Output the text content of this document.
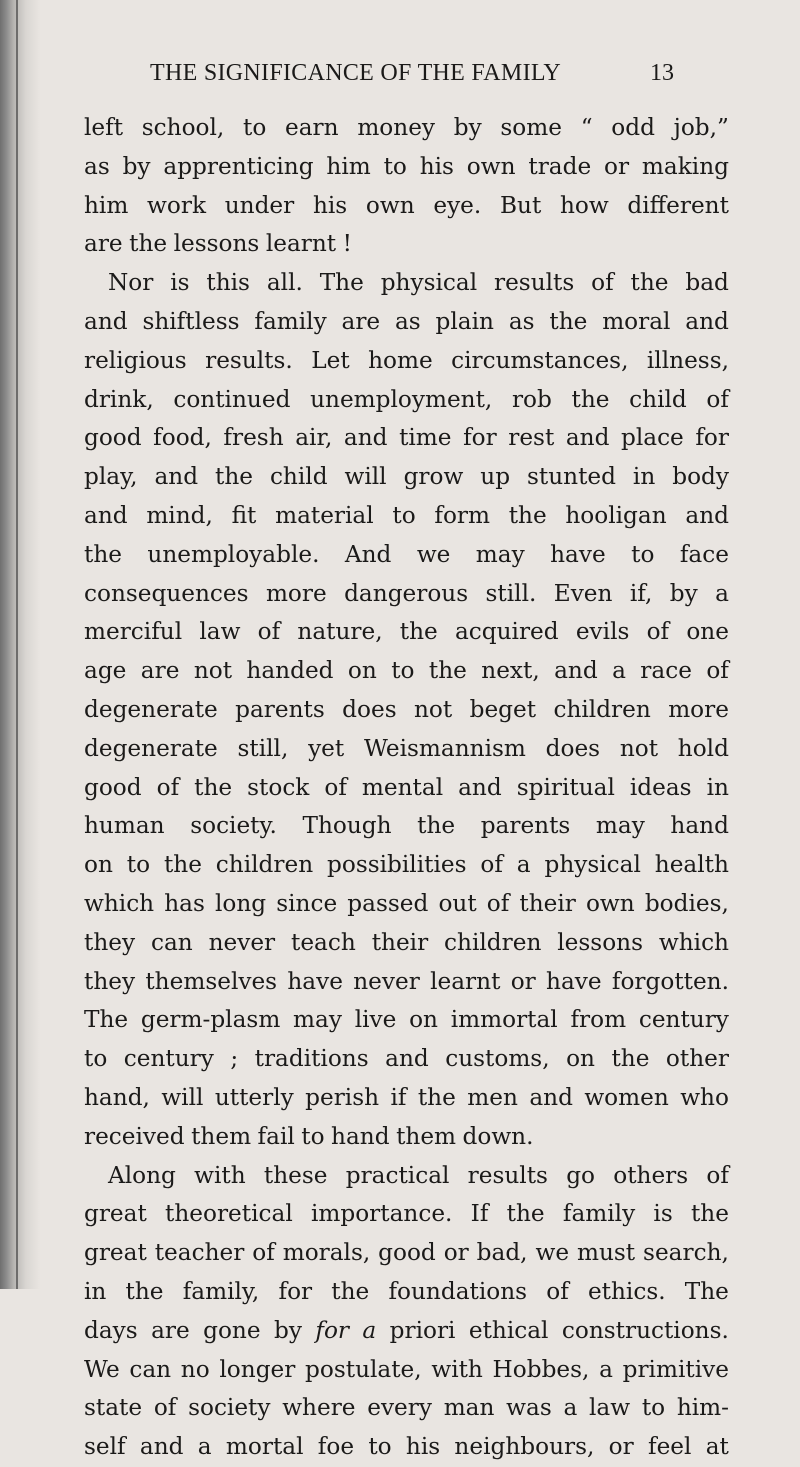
THE SIGNIFICANCE OF THE FAMILY	13
left school, to earn money by some “ odd job,”
as by apprenticing him to his own trade or making
him work under his own eye. But how different
are the lessons learnt !
Nor is this all. The physical results of the bad
and shiftless family are as plain as the moral and
religious results. Let home circumstances, illness,
drink, continued unemployment, rob the child of
good food, fresh air, and time for rest and place for
play, and the child will grow up stunted in body
and mind, fit material to form the hooligan and
the unemployable. And we may have to face
consequences more dangerous still. Even if, by a
merciful law of nature, the acquired evils of one
age are not handed on to the next, and a race of
degenerate parents does not beget children more
degenerate still, yet Weismannism does not hold
good of the stock of mental and spiritual ideas in
human society. Though the parents may hand
on to the children possibilities of a physical health
which has long since passed out of their own bodies,
they can never teach their children lessons which
they themselves have never learnt or have forgotten.
The germ-plasm may live on immortal from century
to century ; traditions and customs, on the other
hand, will utterly perish if the men and women who
received them fail to hand them down.
Along with these practical results go others of
great theoretical importance. If the family is the
great teacher of morals, good or bad, we must search,
in the family, for the foundations of ethics. The
days are gone by for a priori ethical constructions.
We can no longer postulate, with Hobbes, a primitive
state of society where every man was a law to him-
self and a mortal foe to his neighbours, or feel at
